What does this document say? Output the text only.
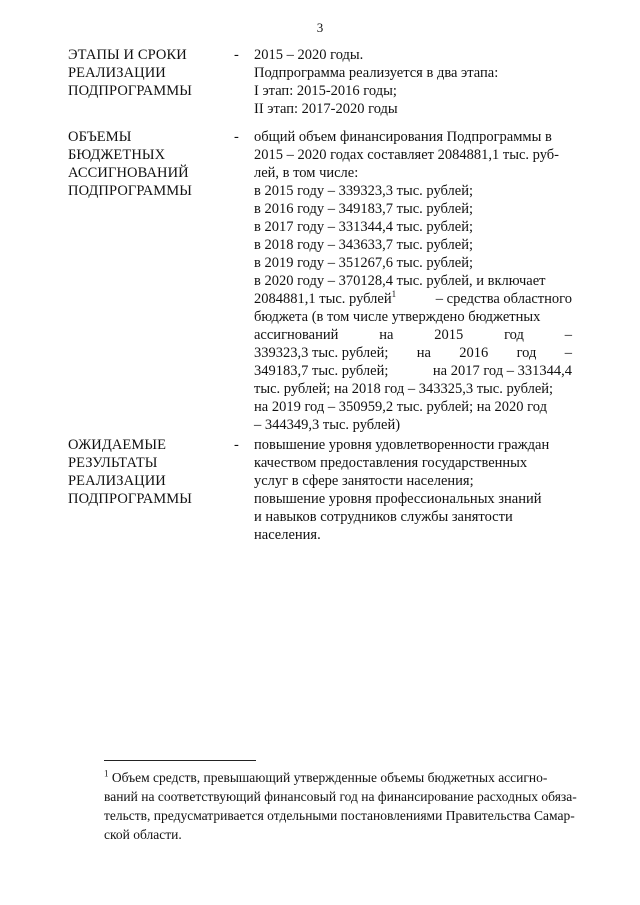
3
ЭТАПЫ И СРОКИ
РЕАЛИЗАЦИИ
ПОДПРОГРАММЫ
- 2015 – 2020 годы.
Подпрограмма реализуется в два этапа:
I этап: 2015-2016 годы;
II этап: 2017-2020 годы
ОБЪЕМЫ
БЮДЖЕТНЫХ
АССИГНОВАНИЙ
ПОДПРОГРАММЫ
- общий объем финансирования Подпрограммы в
2015 – 2020 годах составляет 2084881,1 тыс. руб-
лей, в том числе:
в 2015 году – 339323,3 тыс. рублей;
в 2016 году – 349183,7 тыс. рублей;
в 2017 году – 331344,4 тыс. рублей;
в 2018 году – 343633,7 тыс. рублей;
в 2019 году – 351267,6 тыс. рублей;
в 2020 году – 370128,4 тыс. рублей, и включает
2084881,1 тыс. рублей$^1$	– средства областного
бюджета (в том числе утверждено бюджетных
ассигнований	на	2015	год	–
339323,3 тыс. рублей; на 2016 год –
349183,7 тыс. рублей;	на 2017 год – 331344,4
тыс. рублей; на 2018 год – 343325,3 тыс. рублей;
на 2019 год – 350959,2 тыс. рублей; на 2020 год
– 344349,3 тыс. рублей)
ОЖИДАЕМЫЕ
РЕЗУЛЬТАТЫ
РЕАЛИЗАЦИИ
ПОДПРОГРАММЫ
- повышение уровня удовлетворенности граждан
качеством предоставления государственных
услуг в сфере занятости населения;
повышение уровня профессиональных знаний
и навыков сотрудников службы занятости
населения.
$^1$ Объем средств, превышающий утвержденные объемы бюджетных ассигно-
ваний на соответствующий финансовый год на финансирование расходных обяза-
тельств, предусматривается отдельными постановлениями Правительства Самар-
ской области.
